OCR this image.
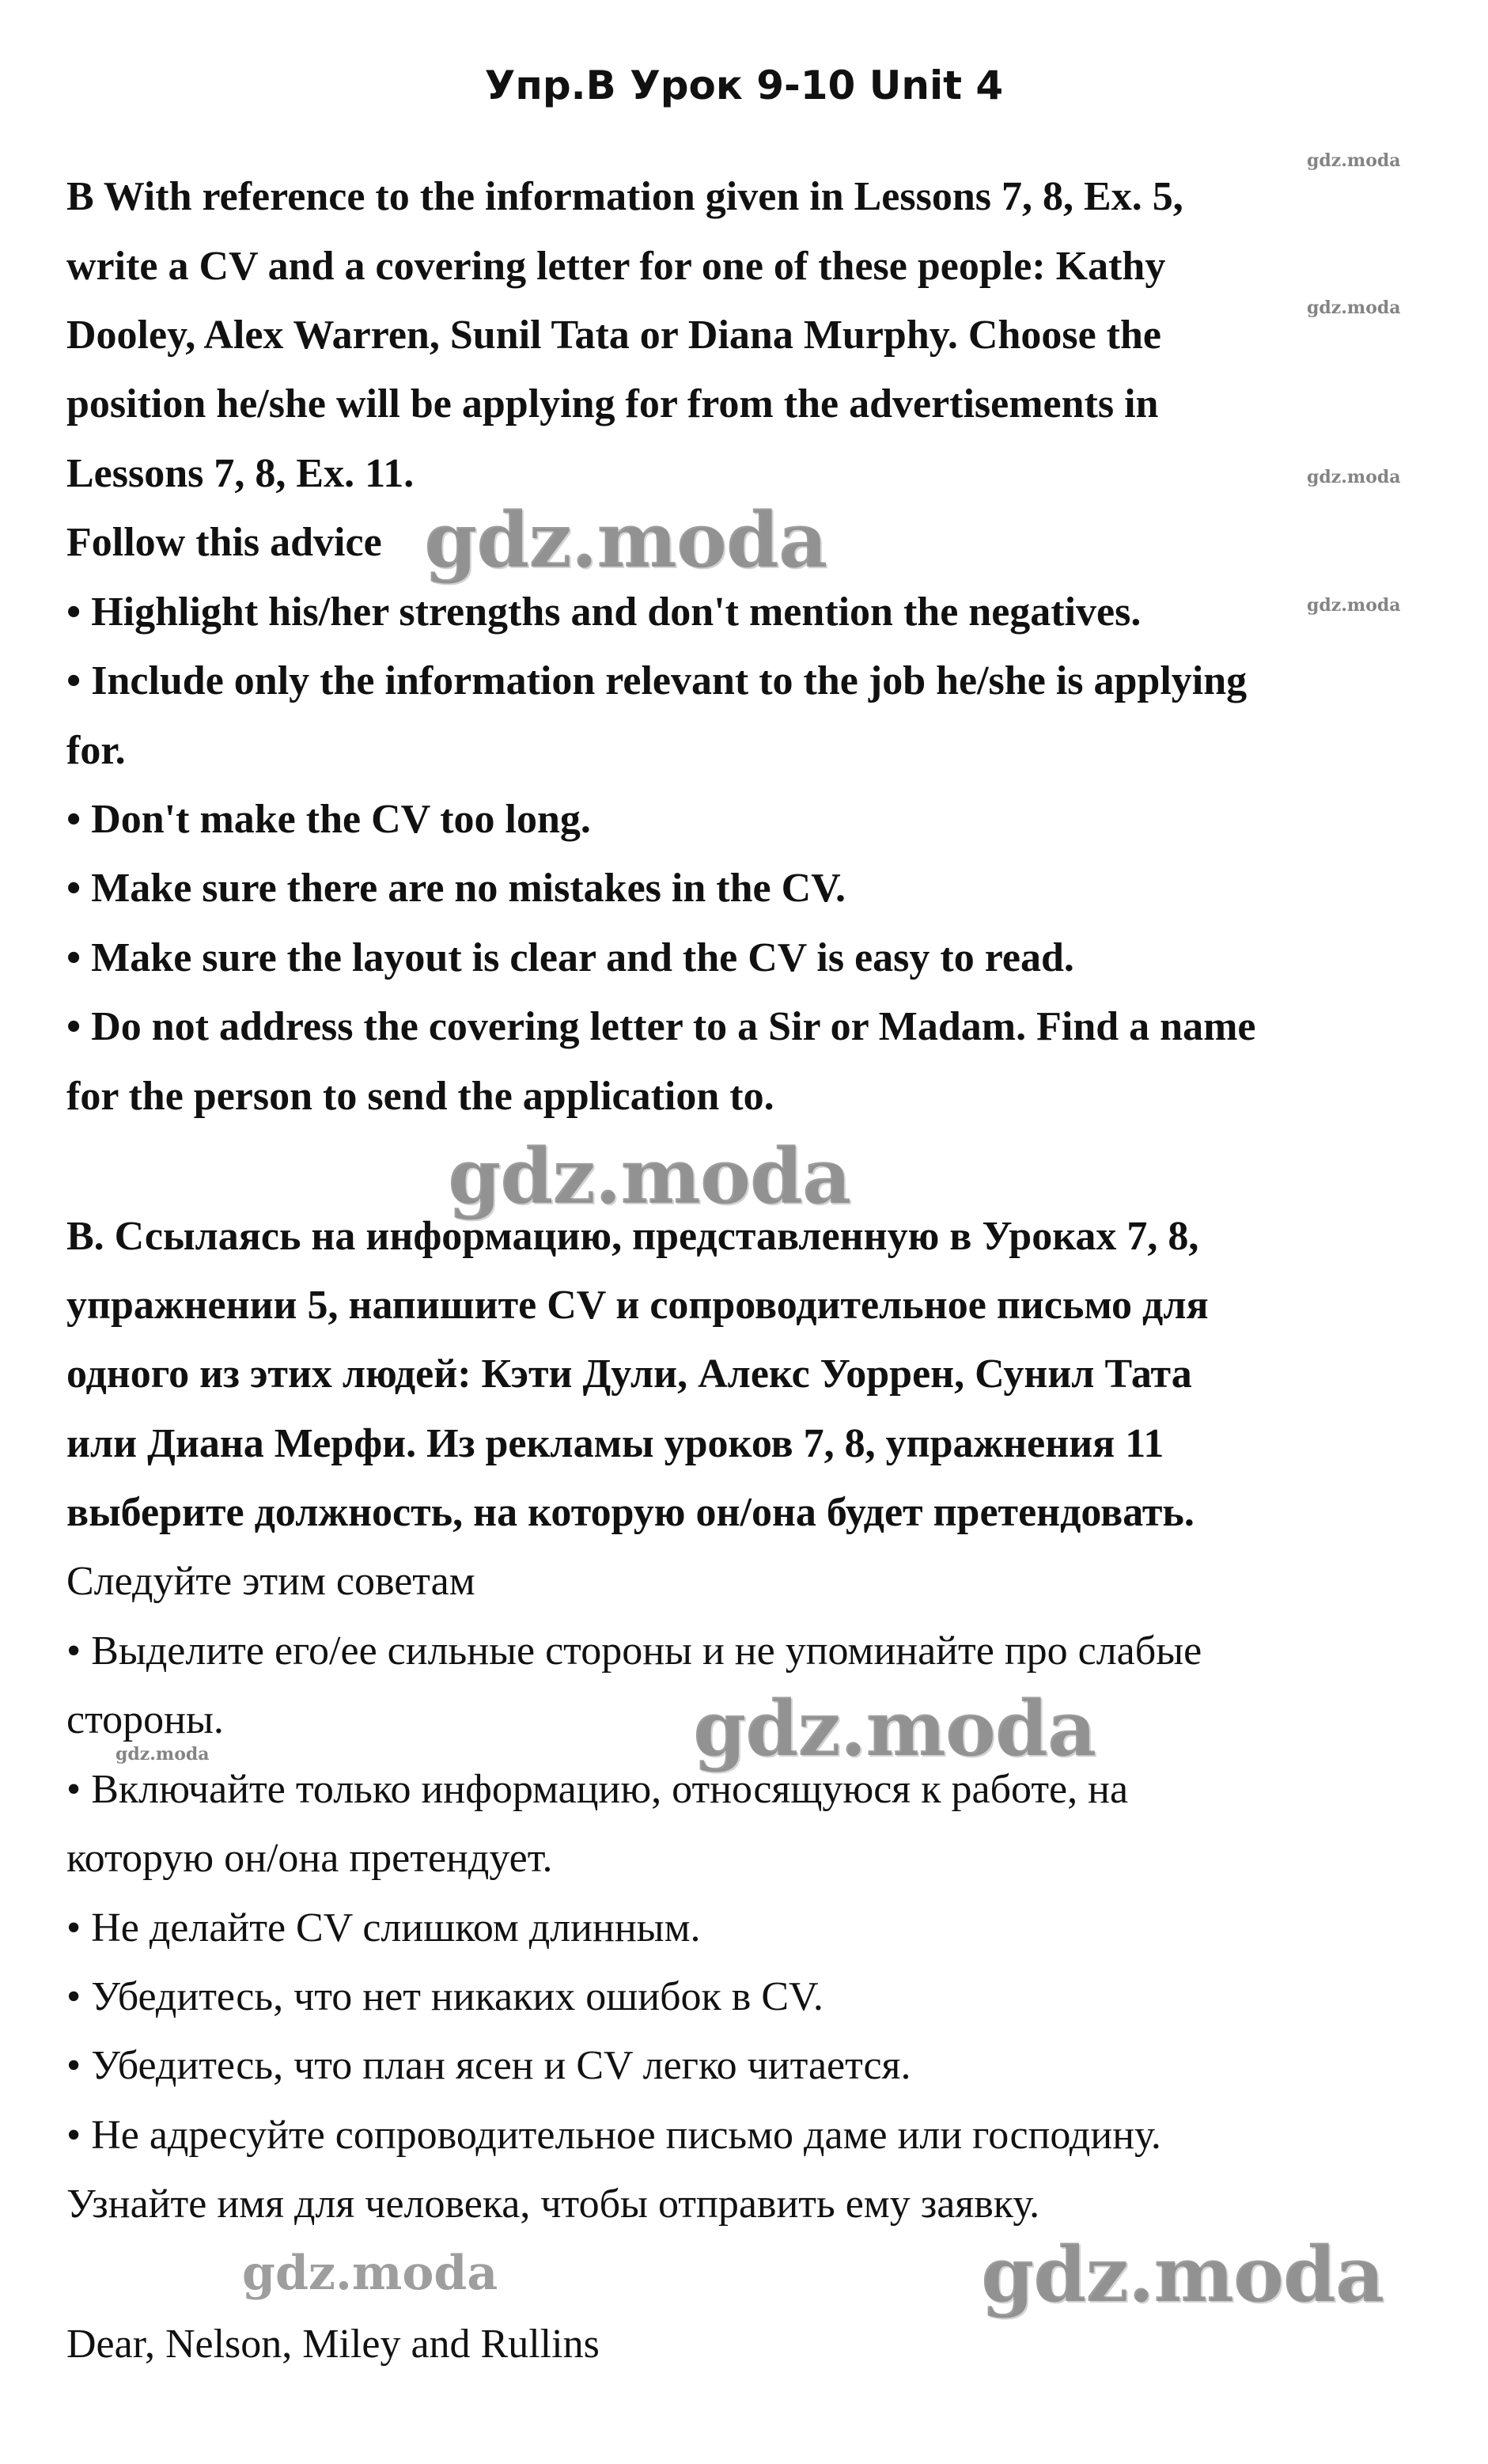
Упр.B Урок 9-10 Unit 4
B With reference to the information given in Lessons 7, 8, Ex. 5,
write a CV and a covering letter for one of these people: Kathy
Dooley, Alex Warren, Sunil Tata or Diana Murphy. Choose the
position he/she will be applying for from the advertisements in
Lessons 7, 8, Ex. 11.
Follow this advice
• Highlight his/her strengths and don't mention the negatives.
• Include only the information relevant to the job he/she is applying
for.
• Don't make the CV too long.
• Make sure there are no mistakes in the CV.
• Make sure the layout is clear and the CV is easy to read.
• Do not address the covering letter to a Sir or Madam. Find a name
for the person to send the application to.
B. Ссылаясь на информацию, представленную в Уроках 7, 8,
упражнении 5, напишите CV и сопроводительное письмо для
одного из этих людей: Кэти Дули, Алекс Уоррен, Сунил Тата
или Диана Мерфи. Из рекламы уроков 7, 8, упражнения 11
выберите должность, на которую он/она будет претендовать.
Следуйте этим советам
• Выделите его/ее сильные стороны и не упоминайте про слабые
стороны.
• Включайте только информацию, относящуюся к работе, на
которую он/она претендует.
• Не делайте CV слишком длинным.
• Убедитесь, что нет никаких ошибок в CV.
• Убедитесь, что план ясен и CV легко читается.
• Не адресуйте сопроводительное письмо даме или господину.
Узнайте имя для человека, чтобы отправить ему заявку.
Dear, Nelson, Miley and Rullins
gdz.moda
gdz.moda
gdz.moda
gdz.moda
gdz.moda
gdz.moda
gdz.moda
gdz.moda
gdz.moda
gdz.moda
